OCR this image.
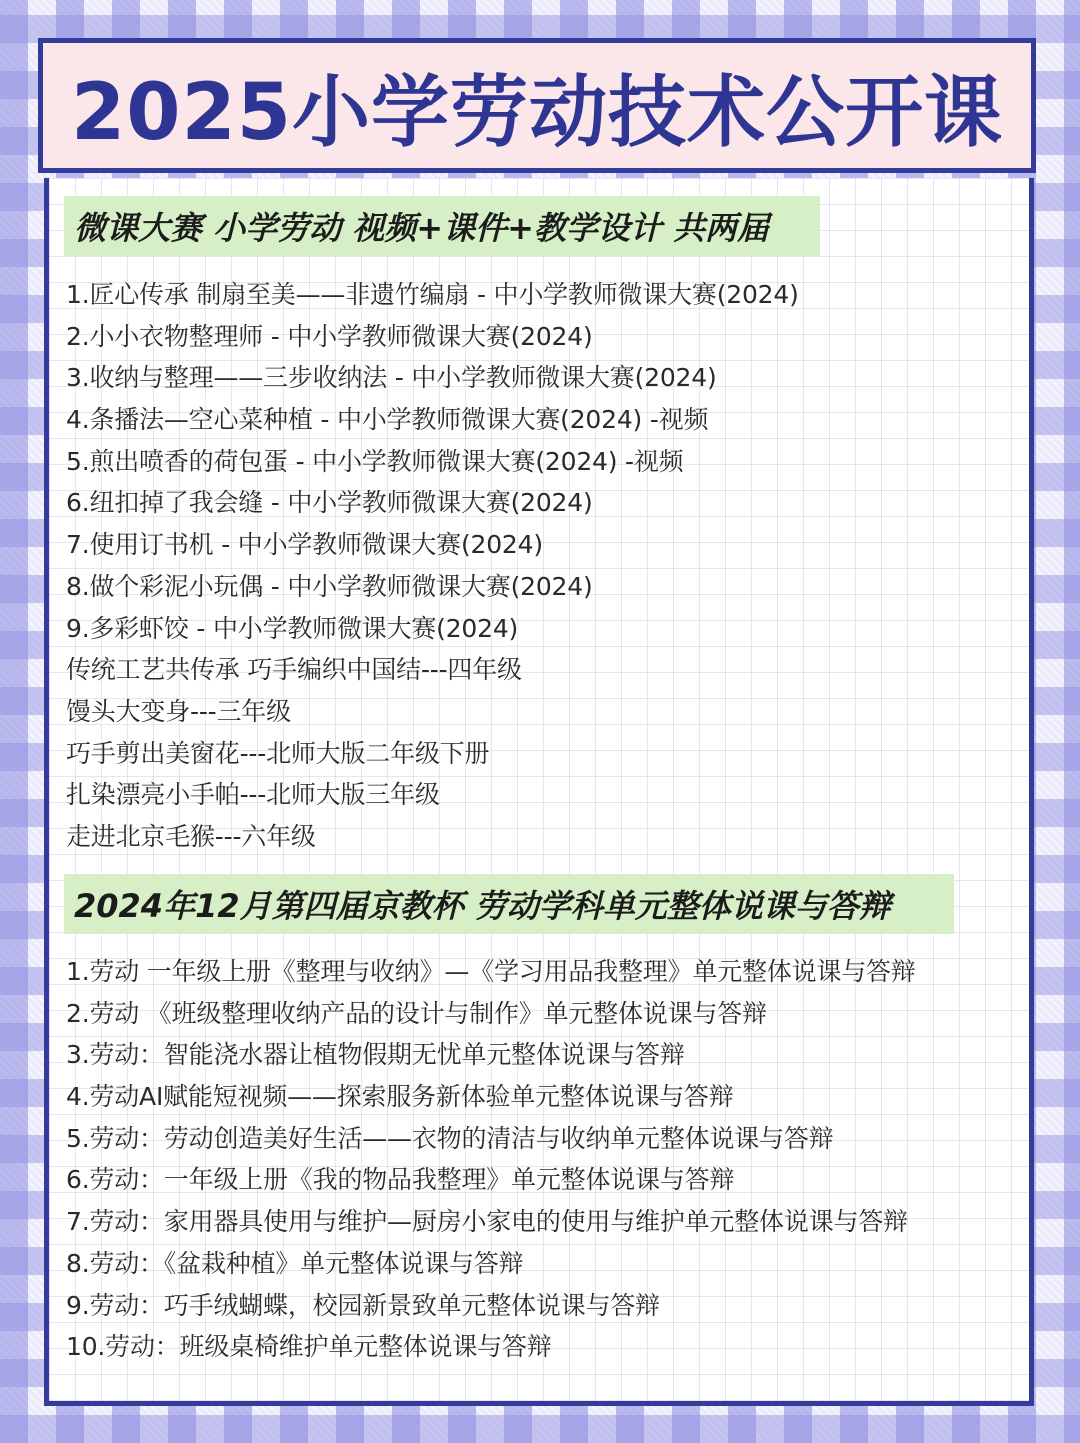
2025小学劳动技术公开课
微课大赛 小学劳动 视频+课件+教学设计 共两届
1.匠心传承 制扇至美——非遗竹编扇 - 中小学教师微课大赛(2024)
2.小小衣物整理师 - 中小学教师微课大赛(2024)
3.收纳与整理——三步收纳法 - 中小学教师微课大赛(2024)
4.条播法—空心菜种植 - 中小学教师微课大赛(2024) -视频
5.煎出喷香的荷包蛋 - 中小学教师微课大赛(2024) -视频
6.纽扣掉了我会缝 - 中小学教师微课大赛(2024)
7.使用订书机 - 中小学教师微课大赛(2024)
8.做个彩泥小玩偶 - 中小学教师微课大赛(2024)
9.多彩虾饺 - 中小学教师微课大赛(2024)
传统工艺共传承 巧手编织中国结---四年级
馒头大变身---三年级
巧手剪出美窗花---北师大版二年级下册
扎染漂亮小手帕---北师大版三年级
走进北京毛猴---六年级
2024年12月第四届京教杯 劳动学科单元整体说课与答辩
1.劳动 一年级上册《整理与收纳》—《学习用品我整理》单元整体说课与答辩
2.劳动 《班级整理收纳产品的设计与制作》单元整体说课与答辩
3.劳动：智能浇水器让植物假期无忧单元整体说课与答辩
4.劳动AI赋能短视频——探索服务新体验单元整体说课与答辩
5.劳动：劳动创造美好生活——衣物的清洁与收纳单元整体说课与答辩
6.劳动：一年级上册《我的物品我整理》单元整体说课与答辩
7.劳动：家用器具使用与维护—厨房小家电的使用与维护单元整体说课与答辩
8.劳动：《盆栽种植》单元整体说课与答辩
9.劳动：巧手绒蝴蝶，校园新景致单元整体说课与答辩
10.劳动：班级桌椅维护单元整体说课与答辩
